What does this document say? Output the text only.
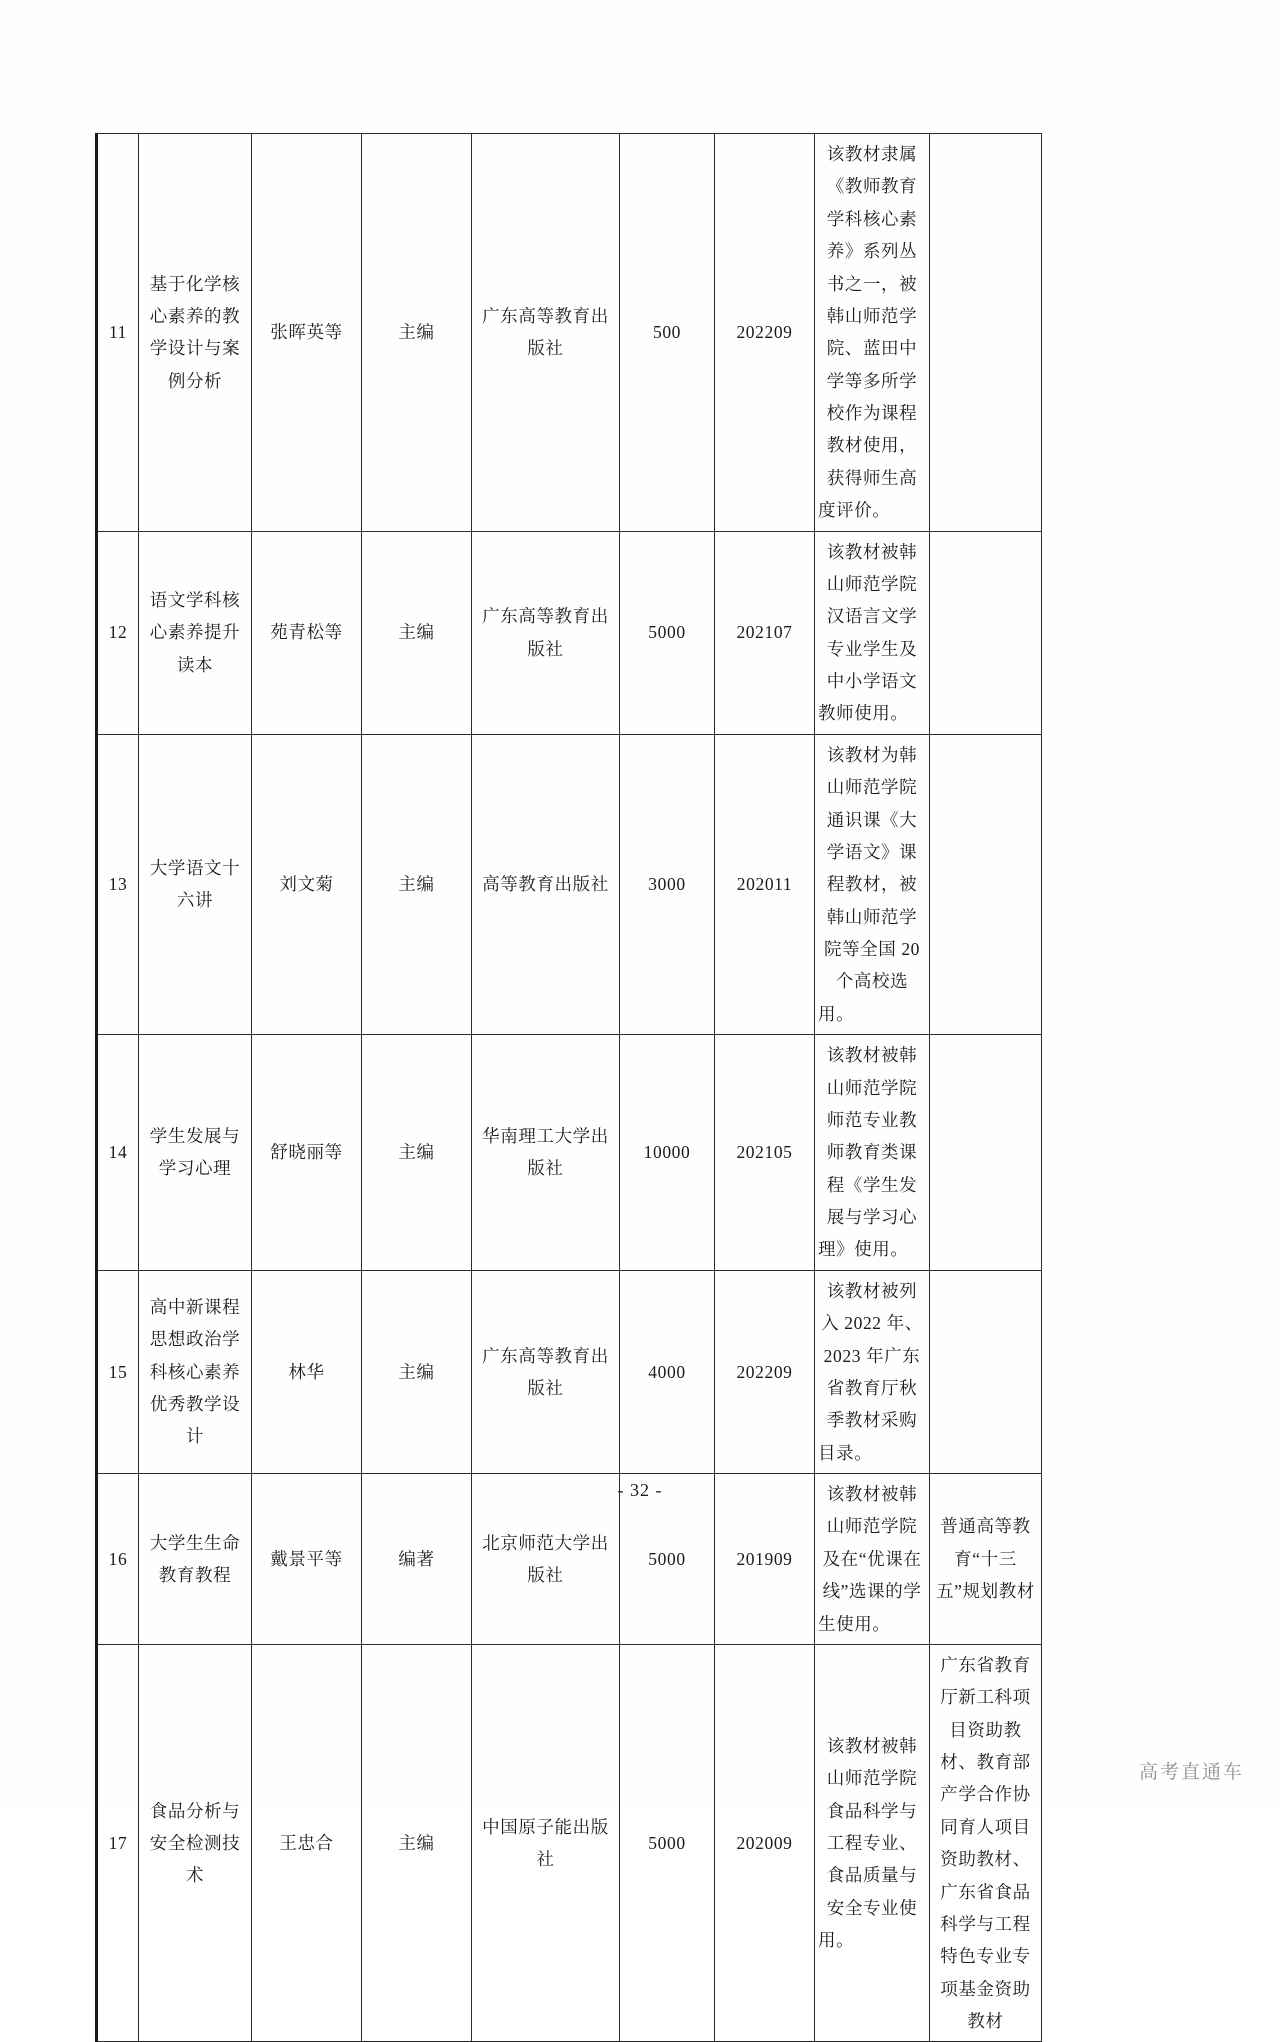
11	基于化学核心素养的教学设计与案例分析	张晖英等	主编	广东高等教育出版社	500	202209	该教材隶属《教师教育学科核心素养》系列丛书之一，被韩山师范学院、蓝田中学等多所学校作为课程教材使用，获得师生高度评价。	
12	语文学科核心素养提升读本	苑青松等	主编	广东高等教育出版社	5000	202107	该教材被韩山师范学院汉语言文学专业学生及中小学语文教师使用。	
13	大学语文十六讲	刘文菊	主编	高等教育出版社	3000	202011	该教材为韩山师范学院通识课《大学语文》课程教材，被韩山师范学院等全国 20 个高校选用。	
14	学生发展与学习心理	舒晓丽等	主编	华南理工大学出版社	10000	202105	该教材被韩山师范学院师范专业教师教育类课程《学生发展与学习心理》使用。	
15	高中新课程思想政治学科核心素养优秀教学设计	林华	主编	广东高等教育出版社	4000	202209	该教材被列入 2022 年、2023 年广东省教育厅秋季教材采购目录。	
16	大学生生命教育教程	戴景平等	编著	北京师范大学出版社	5000	201909	该教材被韩山师范学院及在“优课在线”选课的学生使用。	普通高等教育“十三五”规划教材
17	食品分析与安全检测技术	王忠合	主编	中国原子能出版社	5000	202009	该教材被韩山师范学院食品科学与工程专业、食品质量与安全专业使用。	广东省教育厅新工科项目资助教材、教育部产学合作协同育人项目资助教材、广东省食品科学与工程特色专业专项基金资助教材
- 32 -
高考直通车
